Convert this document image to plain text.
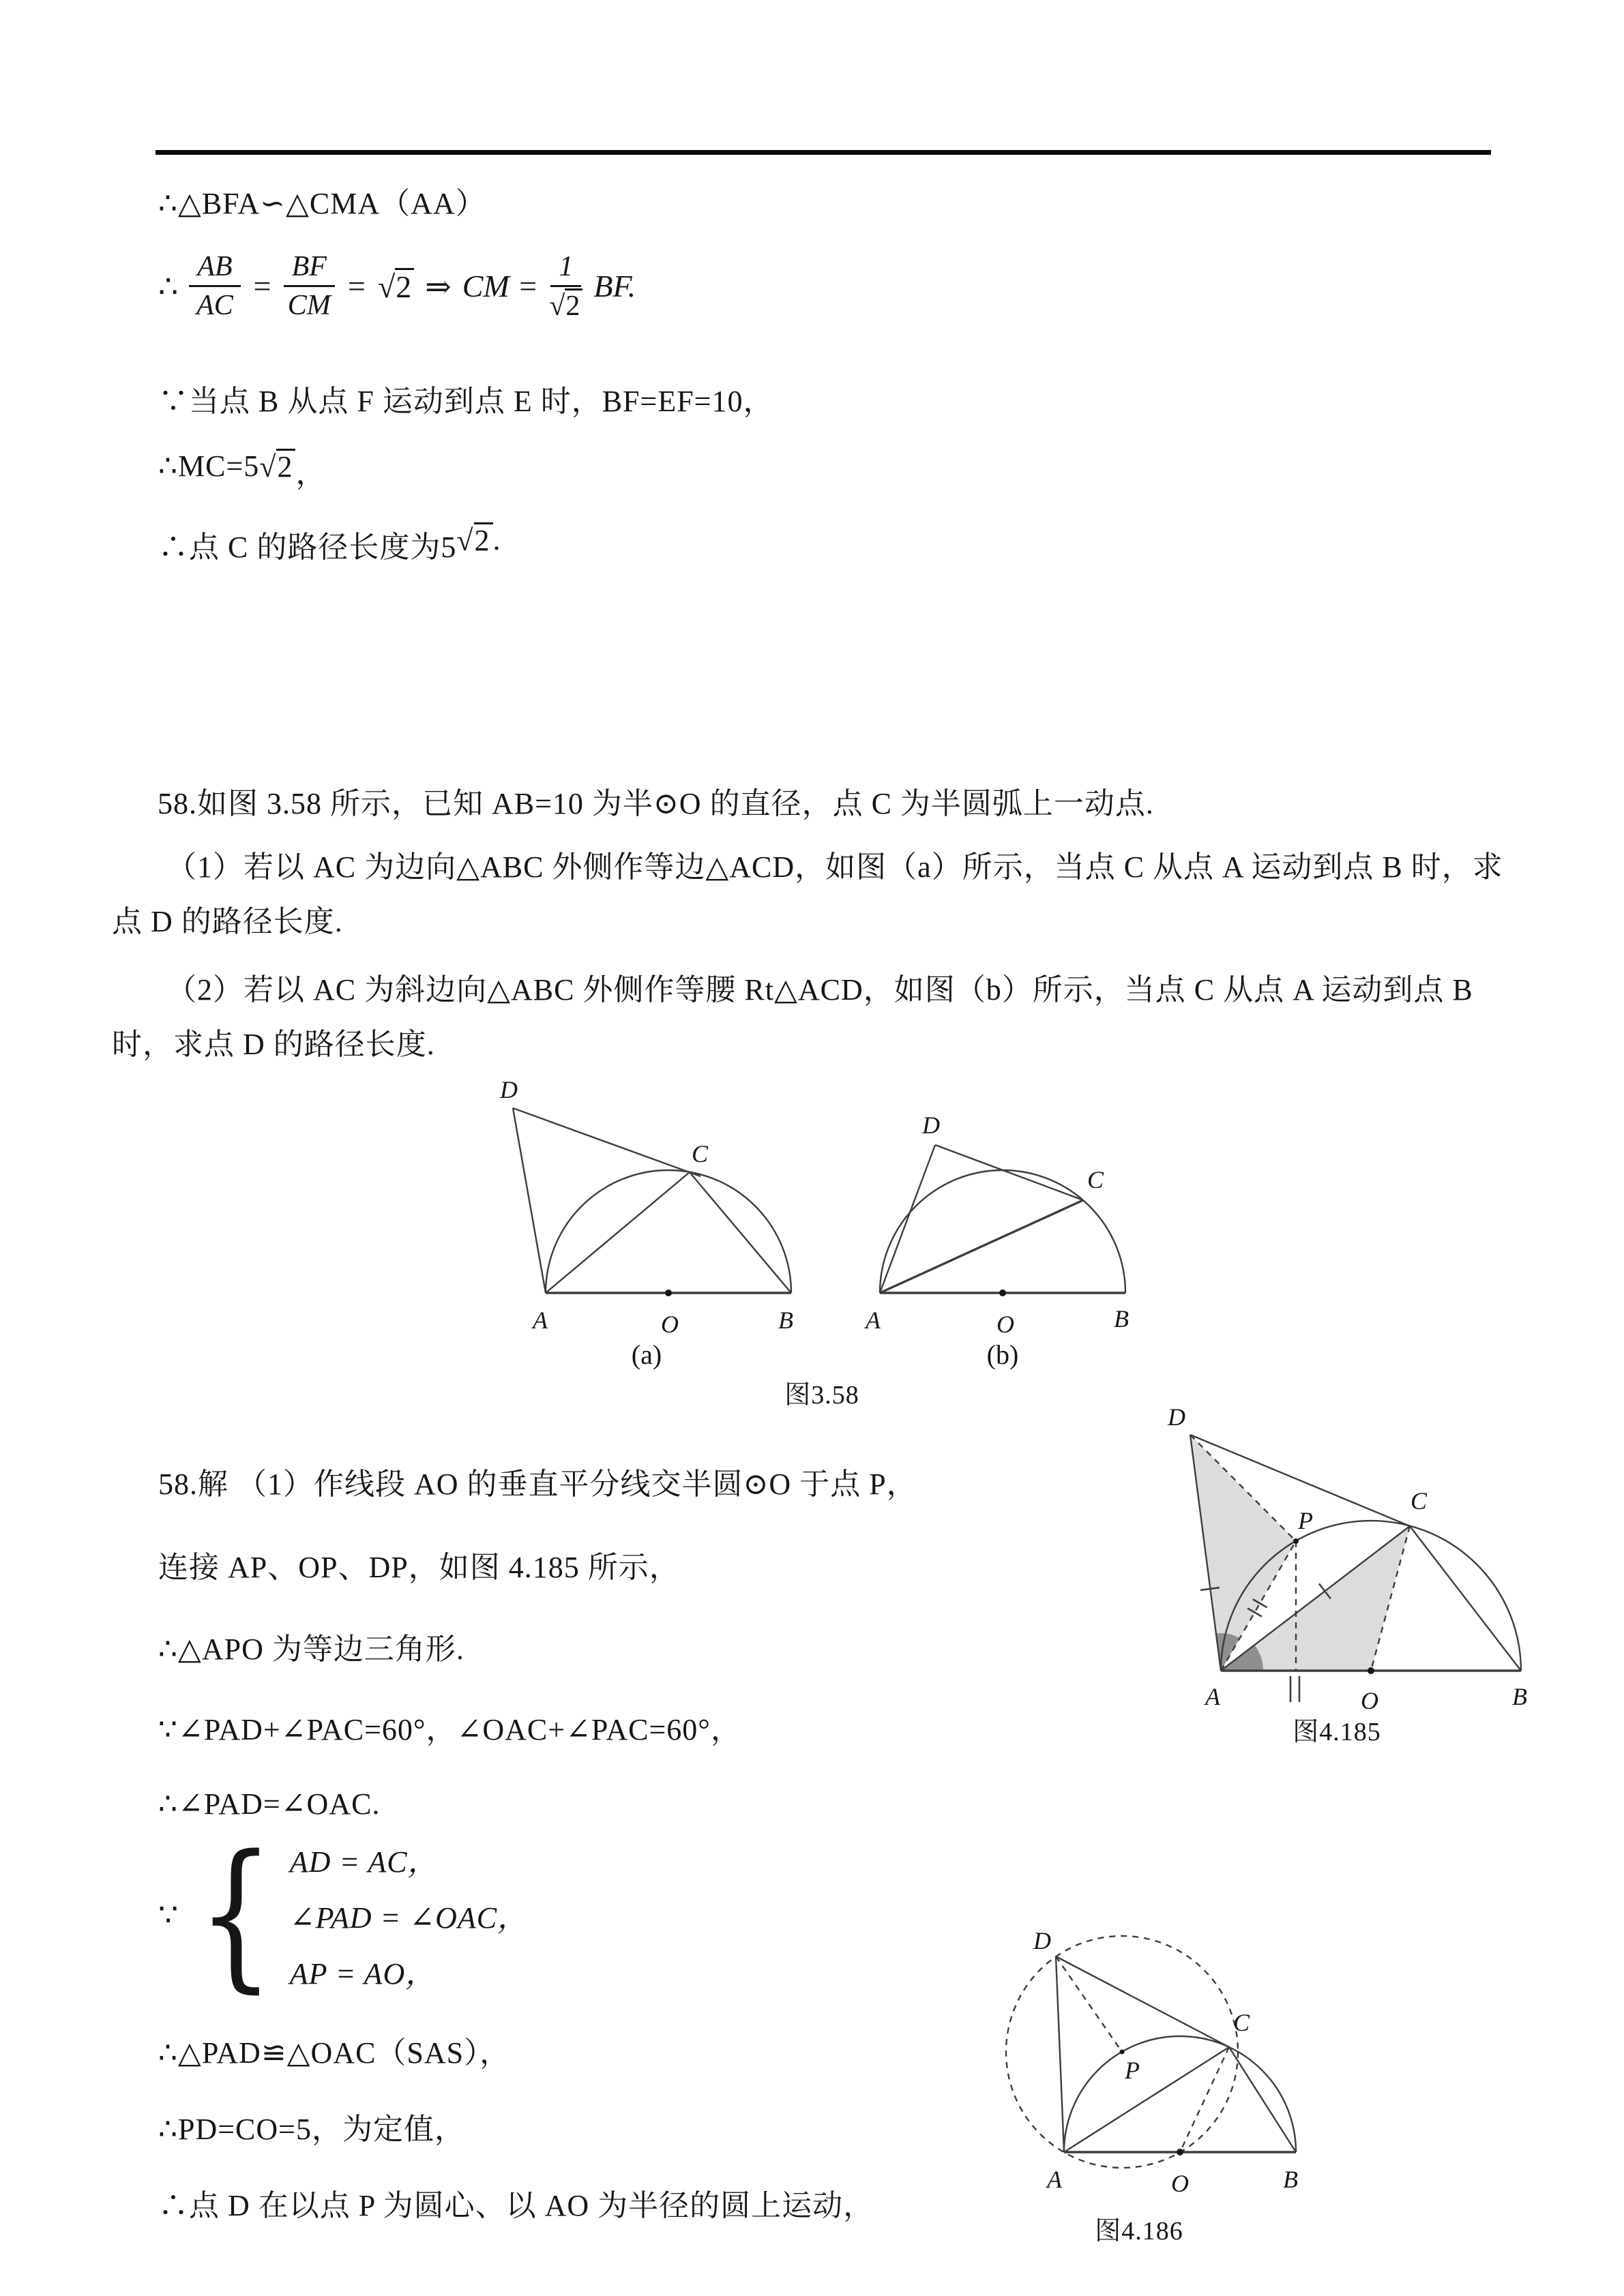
∴△BFA∽△CMA（AA）
∴ $\frac{AB}{AC} = \frac{BF}{CM}$ = √ 2 ⇒ CM = $\frac{1}{√ 2}$ BF.
∵当点 B 从点 F 运动到点 E 时，BF=EF=10，
∴MC=5 √ 2 ，
∴点 C 的路径长度为5 √ 2 .
58.如图 3.58 所示，已知 AB=10 为半⊙O 的直径，点 C 为半圆弧上一动点.
（1）若以 AC 为边向△ABC 外侧作等边△ACD，如图（a）所示，当点 C 从点 A 运动到点 B 时，求点 D 的路径长度.
（2）若以 AC 为斜边向△ABC 外侧作等腰 Rt△ACD，如图（b）所示，当点 C 从点 A 运动到点 B 时，求点 D 的路径长度.
D
C
A	O	B
(a)
D
C
A	O	B
(b)
图3.58
58.解 （1）作线段 AO 的垂直平分线交半圆⊙O 于点 P，
连接 AP、OP、DP，如图 4.185 所示，
∴△APO 为等边三角形.
∵∠PAD+∠PAC=60°，∠OAC+∠PAC=60°，
∴∠PAD=∠OAC.
∵ { AD = AC，
∠PAD = ∠OAC，
AP = AO，
∴△PAD≌△OAC（SAS），
∴PD=CO=5，为定值，
∴点 D 在以点 P 为圆心、以 AO 为半径的圆上运动，
D
C
P
A	O	B
图4.185
D
C
P
A	O	B
图4.186
